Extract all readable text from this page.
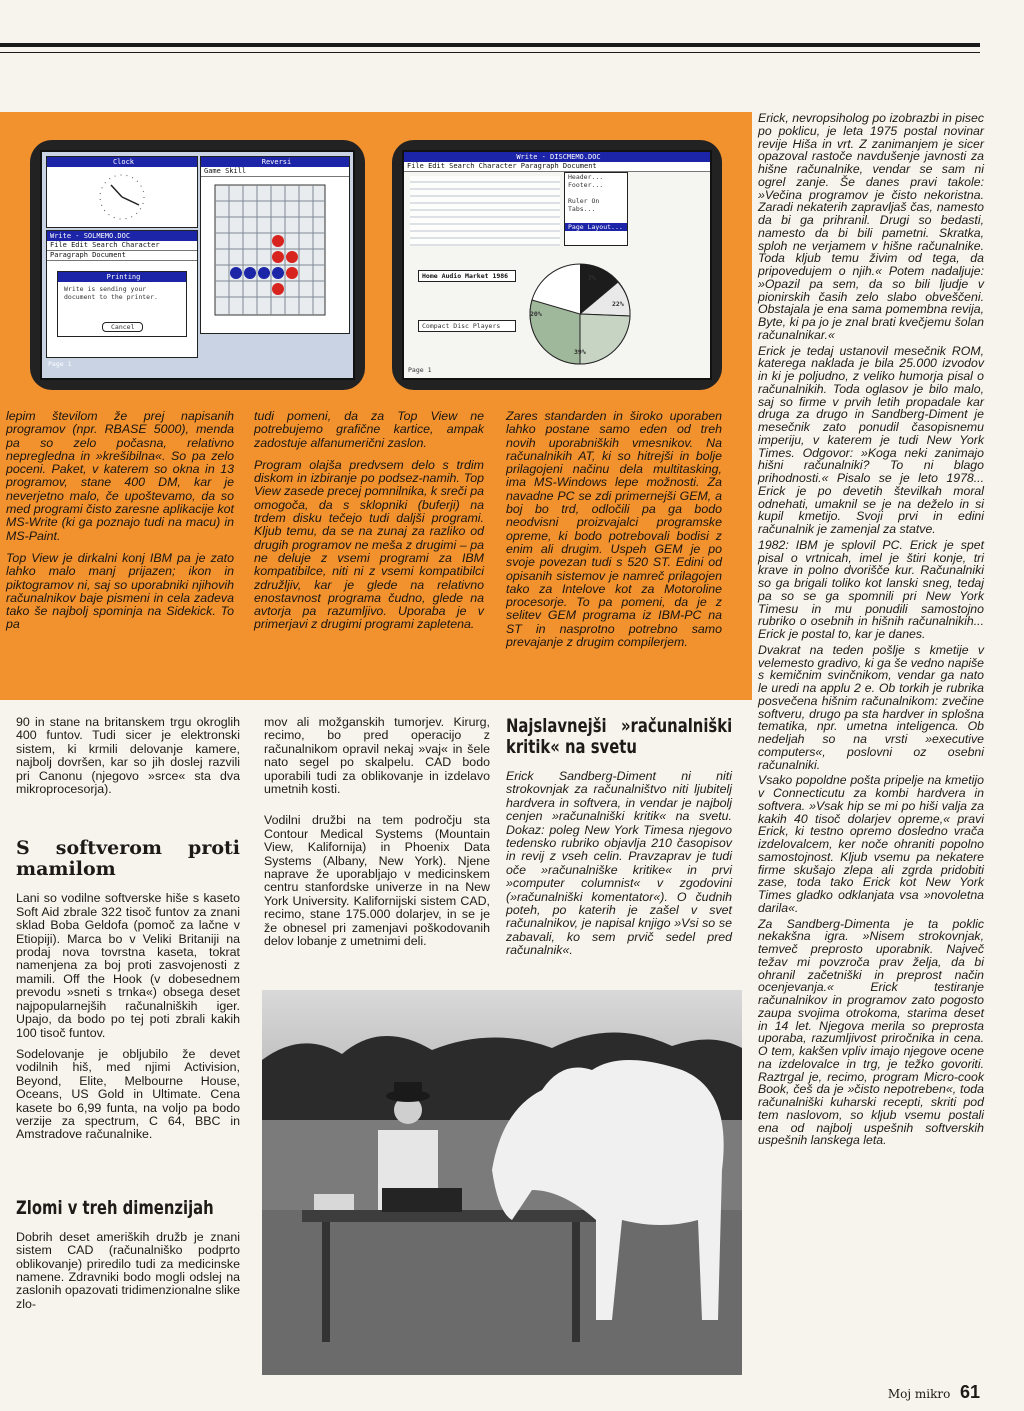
Clock	Reversi
Game Skill
Write - SOLMEMO.DOC
File Edit Search Character
Paragraph Document
Printing
Write is sending your document to the printer.
Cancel
Page 1
Write - DISCMEMO.DOC
File Edit Search Character Paragraph Document
Header...
Footer...
Ruler On
Tabs...
Page Layout...
Home Audio Market 1986
Compact Disc Players
12%	7%
20%
22%
39%
Page 1

lepim številom že prej napisanih programov (npr. RBASE 5000), menda pa so zelo počasna, relativno nepregledna in »krešibilna«. So pa zelo poceni. Paket, v katerem so okna in 13 programov, stane 400 DM, kar je neverjetno malo, če upoštevamo, da so med programi čisto zaresne aplikacije kot MS-Write (ki ga poznajo tudi na macu) in MS-Paint.

Top View je dirkalni konj IBM pa je zato lahko malo manj prijazen; ikon in piktogramov ni, saj so uporabniki njihovih računalnikov baje pismeni in cela zadeva tako še najbolj spominja na Sidekick. To pa

tudi pomeni, da za Top View ne potrebujemo grafične kartice, ampak zadostuje alfanumerični zaslon.

Program olajša predvsem delo s trdim diskom in izbiranje po podsez-namih. Top View zasede precej pomnilnika, k sreči pa omogoča, da s sklopniki (buferji) na trdem disku tečejo tudi daljši programi. Kljub temu, da se na zunaj za razliko od drugih programov ne meša z drugimi – pa ne deluje z vsemi programi za IBM kompatibilce, niti ni z vsemi kompatibilci združljiv, kar je glede na relativno enostavnost programa čudno, glede na avtorja pa razumljivo. Uporaba je v primerjavi z drugimi programi zapletena.

Zares standarden in široko uporaben lahko postane samo eden od treh novih uporabniških vmesnikov. Na računalnikih AT, ki so hitrejši in bolje prilagojeni načinu dela multitasking, ima MS-Windows lepe možnosti. Za navadne PC se zdi primernejši GEM, a boj bo trd, odločili pa ga bodo neodvisni proizvajalci programske opreme, ki bodo potrebovali bodisi z enim ali drugim. Uspeh GEM je po svoje povezan tudi s 520 ST. Edini od opisanih sistemov je namreč prilagojen tako za Intelove kot za Motoroline procesorje. To pa pomeni, da je z selitev GEM programa iz IBM-PC na ST in nasprotno potrebno samo prevajanje z drugim compilerjem.

90 in stane na britanskem trgu okroglih 400 funtov. Tudi sicer je elektronski sistem, ki krmili delovanje kamere, najbolj dovršen, kar so jih doslej razvili pri Canonu (njegovo »srce« sta dva mikroprocesorja).

S softverom proti mamilom

Lani so vodilne softverske hiše s kaseto Soft Aid zbrale 322 tisoč funtov za znani sklad Boba Geldofa (pomoč za lačne v Etiopiji). Marca bo v Veliki Britaniji na prodaj nova tovrstna kaseta, tokrat namenjena za boj proti zasvojenosti z mamili. Off the Hook (v dobesednem prevodu »sneti s trnka«) obsega deset najpopularnejših računalniških iger. Upajo, da bodo po tej poti zbrali kakih 100 tisoč funtov.

Sodelovanje je obljubilo že devet vodilnih hiš, med njimi Activision, Beyond, Elite, Melbourne House, Oceans, US Gold in Ultimate. Cena kasete bo 6,99 funta, na voljo pa bodo verzije za spectrum, C 64, BBC in Amstradove računalnike.

Zlomi v treh dimenzijah

Dobrih deset ameriških družb je znani sistem CAD (računalniško podprto oblikovanje) priredilo tudi za medicinske namene. Zdravniki bodo mogli odslej na zaslonih opazovati tridimenzionalne slike zlo-

mov ali možganskih tumorjev. Kirurg, recimo, bo pred operacijo z računalnikom opravil nekaj »vaj« in šele nato segel po skalpelu. CAD bodo uporabili tudi za oblikovanje in izdelavo umetnih kosti.

Vodilni družbi na tem področju sta Contour Medical Systems (Mountain View, Kalifornija) in Phoenix Data Systems (Albany, New York). Njene naprave že uporabljajo v medicinskem centru stanfordske univerze in na New York University. Kalifornijski sistem CAD, recimo, stane 175.000 dolarjev, in se je že obnesel pri zamenjavi poškodovanih delov lobanje z umetnimi deli.

Najslavnejši »računalniški kritik« na svetu

Erick Sandberg-Diment ni niti strokovnjak za računalništvo niti ljubitelj hardvera in softvera, in vendar je najbolj cenjen »računalniški kritik« na svetu. Dokaz: poleg New York Timesa njegovo tedensko rubriko objavlja 210 časopisov in revij z vseh celin. Pravzaprav je tudi oče »računalniške kritike« in prvi »computer columnist« v zgodovini (»računalniški komentator«). O čudnih poteh, po katerih je zašel v svet računalnikov, je napisal knjigo »Vsi so se zabavali, ko sem prvič sedel pred računalnik«.

Erick, nevropsiholog po izobrazbi in pisec po poklicu, je leta 1975 postal novinar revije Hiša in vrt. Z zanimanjem je sicer opazoval rastoče navdušenje javnosti za hišne računalnike, vendar se sam ni ogrel zanje. Še danes pravi takole: »Večina programov je čisto nekoristna. Zaradi nekaterih zapravljaš čas, namesto da bi ga prihranil. Drugi so bedasti, namesto da bi bili pametni. Skratka, sploh ne verjamem v hišne računalnike. Toda kljub temu živim od tega, da pripovedujem o njih.« Potem nadaljuje: »Opazil pa sem, da so bili ljudje v pionirskih časih zelo slabo obveščeni. Obstajala je ena sama pomembna revija, Byte, ki pa jo je znal brati kvečjemu šolan računalnikar.«

Erick je tedaj ustanovil mesečnik ROM, katerega naklada je bila 25.000 izvodov in ki je poljudno, z veliko humorja pisal o računalnikih. Toda oglasov je bilo malo, saj so firme v prvih letih propadale kar druga za drugo in Sandberg-Diment je mesečnik zato ponudil časopisnemu imperiju, v katerem je tudi New York Times. Odgovor: »Koga neki zanimajo hišni računalniki? To ni blago prihodnosti.« Pisalo se je leto 1978... Erick je po devetih številkah moral odnehati, umaknil se je na deželo in si kupil kmetijo. Svoji prvi in edini računalnik je zamenjal za statve.

1982: IBM je splovil PC. Erick je spet pisal o vrtnicah, imel je štiri konje, tri krave in polno dvorišče kur. Računalniki so ga brigali toliko kot lanski sneg, tedaj pa so se ga spomnili pri New York Timesu in mu ponudili samostojno rubriko o osebnih in hišnih računalnikih... Erick je postal to, kar je danes.

Dvakrat na teden pošlje s kmetije v velemesto gradivo, ki ga še vedno napiše s kemičnim svinčnikom, vendar ga nato le uredi na applu 2 e. Ob torkih je rubrika posvečena hišnim računalnikom: zvečine softveru, drugo pa sta hardver in splošna tematika, npr. umetna inteligenca. Ob nedeljah so na vrsti »executive computers«, poslovni oz osebni računalniki.

Vsako popoldne pošta pripelje na kmetijo v Connecticutu za kombi hardvera in softvera. »Vsak hip se mi po hiši valja za kakih 40 tisoč dolarjev opreme,« pravi Erick, ki testno opremo dosledno vrača izdelovalcem, ker noče ohraniti popolno samostojnost. Kljub vsemu pa nekatere firme skušajo zlepa ali zgrda pridobiti zase, toda tako Erick kot New York Times gladko odklanjata vsa »novoletna darila«.

Za Sandberg-Dimenta je ta poklic nekakšna igra. »Nisem strokovnjak, temveč preprosto uporabnik. Največ težav mi povzroča prav želja, da bi ohranil začetniški in preprost način ocenjevanja.« Erick testiranje računalnikov in programov zato pogosto zaupa svojima otrokoma, starima deset in 14 let. Njegova merila so preprosta uporaba, razumljivost priročnika in cena. O tem, kakšen vpliv imajo njegove ocene na izdelovalce in trg, je težko govoriti. Raztrgal je, recimo, program Micro-cook Book, češ da je »čisto nepotreben«, toda računalniški kuharski recepti, skriti pod tem naslovom, so kljub vsemu postali ena od najbolj uspešnih softverskih uspešnih lanskega leta.

Moj mikro 61
